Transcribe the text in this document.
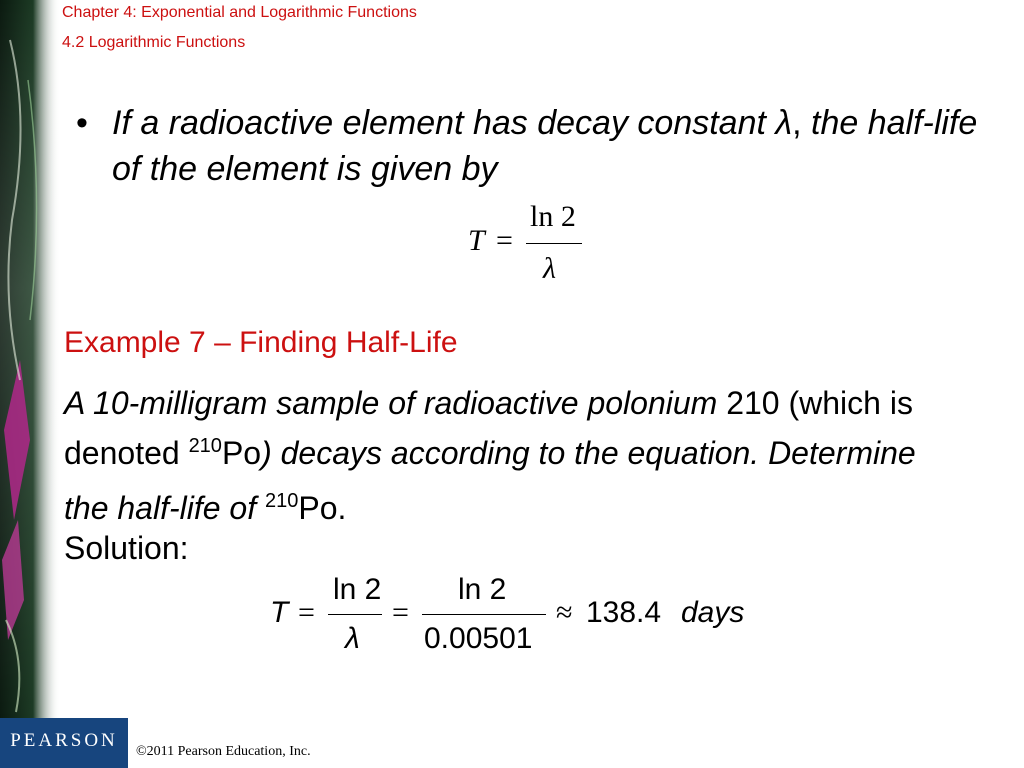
Chapter 4: Exponential and Logarithmic Functions
4.2 Logarithmic Functions
• If a radioactive element has decay constant λ, the half-life of the element is given by
T =
ln 2
λ
Example 7 – Finding Half-Life
A 10-milligram sample of radioactive polonium 210 (which is denoted $^{210}$Po) decays according to the equation. Determine the half-life of $^{210}$Po.
Solution:
T =
ln 2
λ
=
ln 2
0.00501
≈ 138.4 days
PEARSON
©2011 Pearson Education, Inc.
